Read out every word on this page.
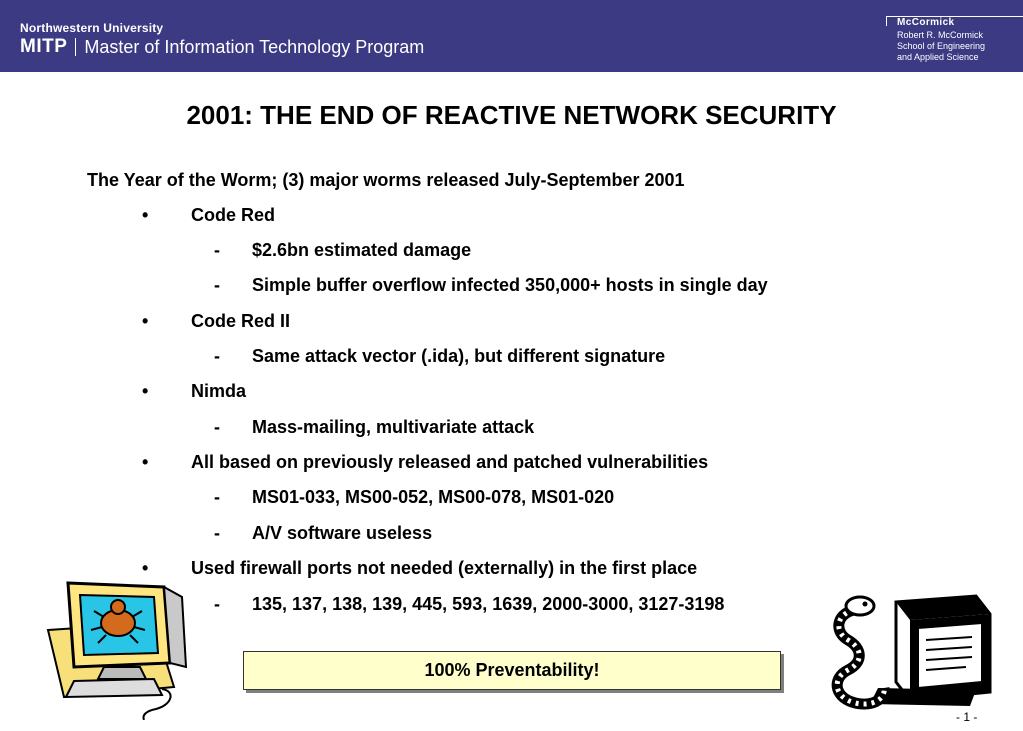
Northwestern University
MITP Master of Information Technology Program
McCormick
Robert R. McCormick
School of Engineering
and Applied Science
2001: THE END OF REACTIVE NETWORK SECURITY
The Year of the Worm; (3) major worms released July-September 2001
• Code Red
- $2.6bn estimated damage
- Simple buffer overflow infected 350,000+ hosts in single day
• Code Red II
- Same attack vector (.ida), but different signature
• Nimda
- Mass-mailing, multivariate attack
• All based on previously released and patched vulnerabilities
- MS01-033, MS00-052, MS00-078, MS01-020
- A/V software useless
• Used firewall ports not needed (externally) in the first place
- 135, 137, 138, 139, 445, 593, 1639, 2000-3000, 3127-3198
100% Preventability!
- 1 -
